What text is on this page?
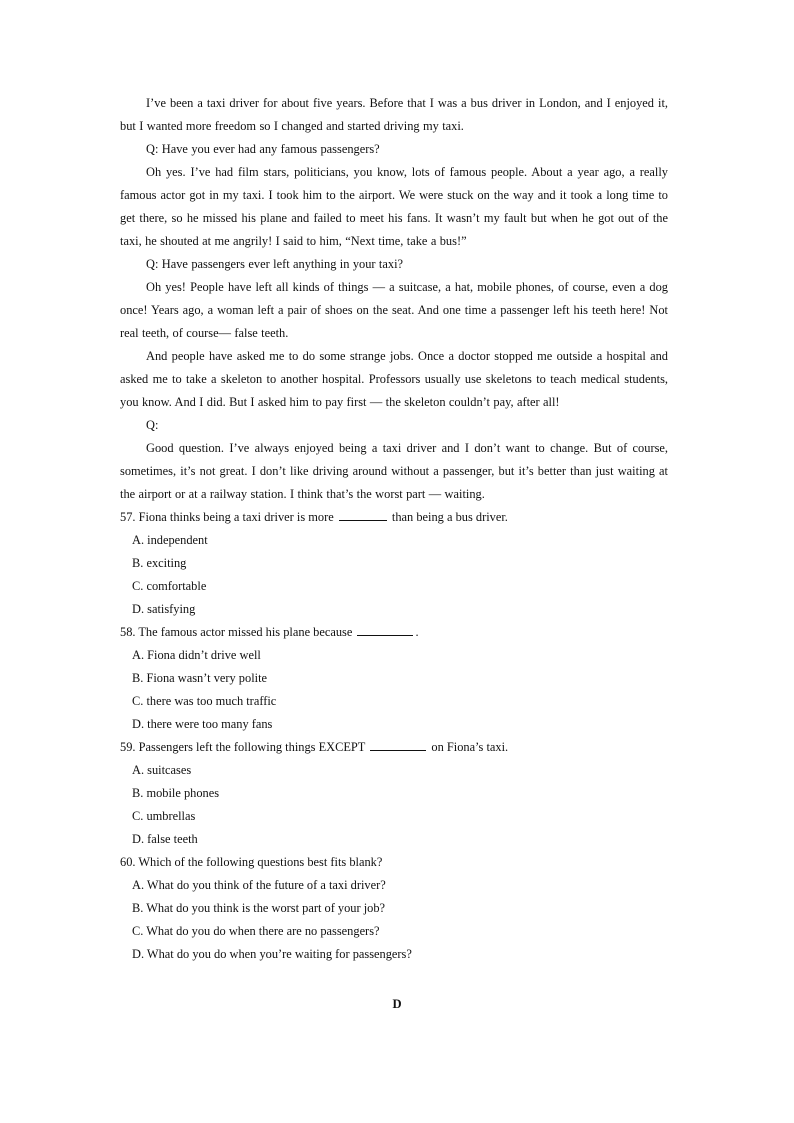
I’ve been a taxi driver for about five years. Before that I was a bus driver in London, and I enjoyed it, but I wanted more freedom so I changed and started driving my taxi.

Q: Have you ever had any famous passengers?

Oh yes. I’ve had film stars, politicians, you know, lots of famous people. About a year ago, a really famous actor got in my taxi. I took him to the airport. We were stuck on the way and it took a long time to get there, so he missed his plane and failed to meet his fans. It wasn’t my fault but when he got out of the taxi, he shouted at me angrily! I said to him, “Next time, take a bus!”

Q: Have passengers ever left anything in your taxi?

Oh yes! People have left all kinds of things — a suitcase, a hat, mobile phones, of course, even a dog once! Years ago, a woman left a pair of shoes on the seat. And one time a passenger left his teeth here! Not real teeth, of course— false teeth.

And people have asked me to do some strange jobs. Once a doctor stopped me outside a hospital and asked me to take a skeleton to another hospital. Professors usually use skeletons to teach medical students, you know. And I did. But I asked him to pay first — the skeleton couldn’t pay, after all!

Q:

Good question. I’ve always enjoyed being a taxi driver and I don’t want to change. But of course, sometimes, it’s not great. I don’t like driving around without a passenger, but it’s better than just waiting at the airport or at a railway station. I think that’s the worst part — waiting.

57. Fiona thinks being a taxi driver is more	than being a bus driver.

A. independent
B. exciting
C. comfortable
D. satisfying

58. The famous actor missed his plane because	.

A. Fiona didn’t drive well
B. Fiona wasn’t very polite
C. there was too much traffic
D. there were too many fans

59. Passengers left the following things EXCEPT	on Fiona’s taxi.

A. suitcases
B. mobile phones
C. umbrellas
D. false teeth

60. Which of the following questions best fits blank?

A. What do you think of the future of a taxi driver?
B. What do you think is the worst part of your job?
C. What do you do when there are no passengers?
D. What do you do when you’re waiting for passengers?
D
